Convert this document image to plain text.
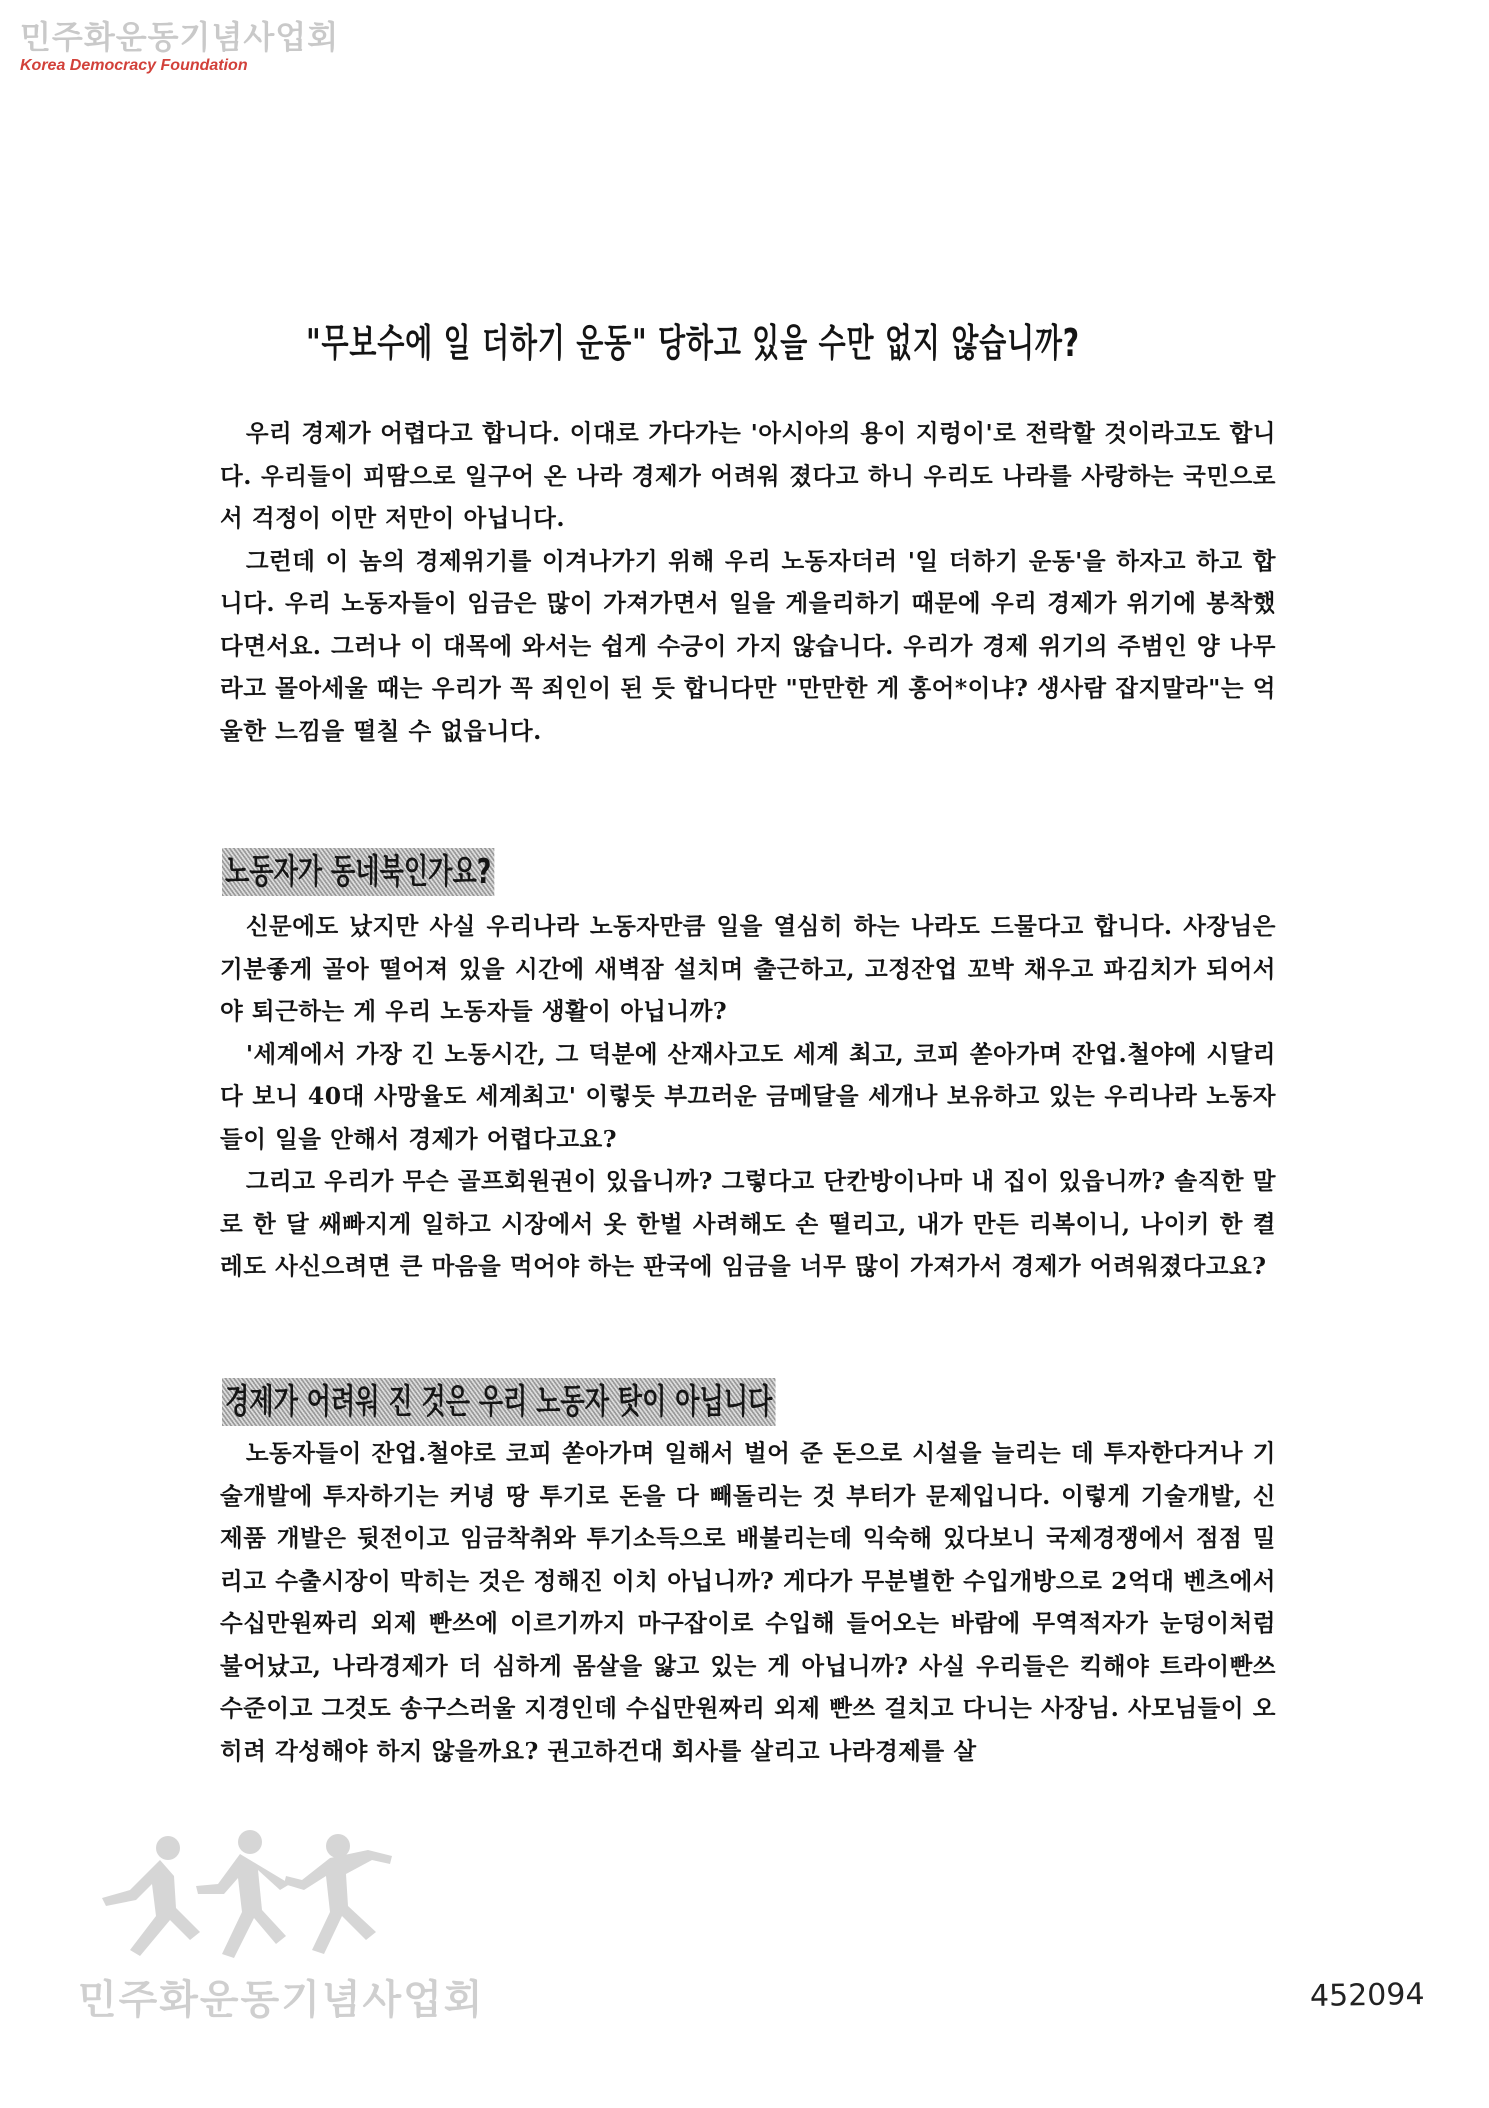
민주화운동기념사업회
Korea Democracy Foundation
"무보수에 일 더하기 운동" 당하고 있을 수만 없지 않습니까?

우리 경제가 어렵다고 합니다. 이대로 가다가는 '아시아의 용이 지렁이'로 전락할 것이라고도 합니다. 우리들이 피땀으로 일구어 온 나라 경제가 어려워 졌다고 하니 우리도 나라를 사랑하는 국민으로서 걱정이 이만 저만이 아닙니다.

그런데 이 놈의 경제위기를 이겨나가기 위해 우리 노동자더러 '일 더하기 운동'을 하자고 하고 합니다. 우리 노동자들이 임금은 많이 가져가면서 일을 게을리하기 때문에 우리 경제가 위기에 봉착했다면서요. 그러나 이 대목에 와서는 쉽게 수긍이 가지 않습니다. 우리가 경제 위기의 주범인 양 나무라고 몰아세울 때는 우리가 꼭 죄인이 된 듯 합니다만 "만만한 게 홍어*이냐? 생사람 잡지말라"는 억울한 느낌을 떨칠 수 없읍니다.

노동자가 동네북인가요?

신문에도 났지만 사실 우리나라 노동자만큼 일을 열심히 하는 나라도 드물다고 합니다. 사장님은 기분좋게 골아 떨어져 있을 시간에 새벽잠 설치며 출근하고, 고정잔업 꼬박 채우고 파김치가 되어서야 퇴근하는 게 우리 노동자들 생활이 아닙니까?

'세계에서 가장 긴 노동시간, 그 덕분에 산재사고도 세계 최고, 코피 쏟아가며 잔업.철야에 시달리다 보니 40대 사망율도 세계최고' 이렇듯 부끄러운 금메달을 세개나 보유하고 있는 우리나라 노동자들이 일을 안해서 경제가 어렵다고요?

그리고 우리가 무슨 골프회원권이 있읍니까? 그렇다고 단칸방이나마 내 집이 있읍니까? 솔직한 말로 한 달 쌔빠지게 일하고 시장에서 옷 한벌 사려해도 손 떨리고, 내가 만든 리복이니, 나이키 한 켤레도 사신으려면 큰 마음을 먹어야 하는 판국에 임금을 너무 많이 가져가서 경제가 어려워졌다고요?

경제가 어려워 진 것은 우리 노동자 탓이 아닙니다

노동자들이 잔업.철야로 코피 쏟아가며 일해서 벌어 준 돈으로 시설을 늘리는 데 투자한다거나 기술개발에 투자하기는 커녕 땅 투기로 돈을 다 빼돌리는 것 부터가 문제입니다. 이렇게 기술개발, 신제품 개발은 뒷전이고 임금착취와 투기소득으로 배불리는데 익숙해 있다보니 국제경쟁에서 점점 밀리고 수출시장이 막히는 것은 정해진 이치 아닙니까? 게다가 무분별한 수입개방으로 2억대 벤츠에서 수십만원짜리 외제 빤쓰에 이르기까지 마구잡이로 수입해 들어오는 바람에 무역적자가 눈덩이처럼 불어났고, 나라경제가 더 심하게 몸살을 앓고 있는 게 아닙니까? 사실 우리들은 킥해야 트라이빤쓰 수준이고 그것도 송구스러울 지경인데 수십만원짜리 외제 빤쓰 걸치고 다니는 사장님. 사모님들이 오히려 각성해야 하지 않을까요? 권고하건대 회사를 살리고 나라경제를 살

민주화운동기념사업회	452094
